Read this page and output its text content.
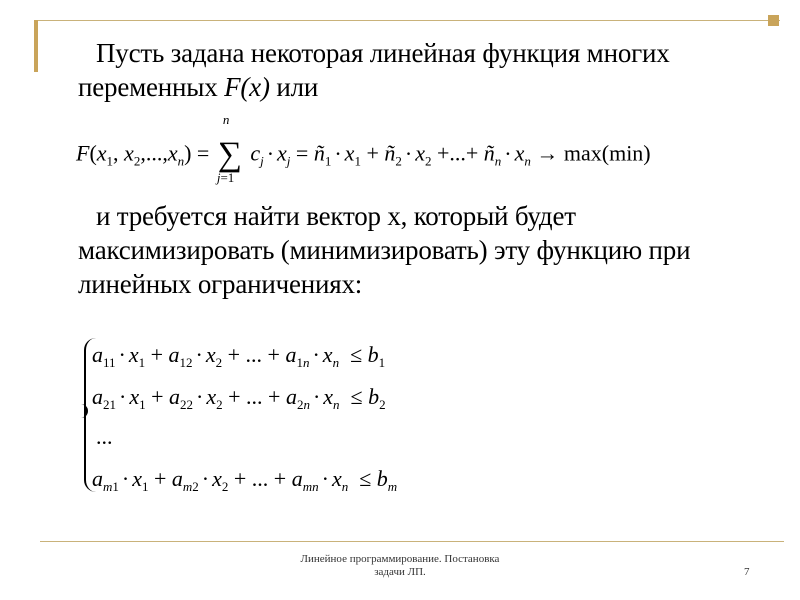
Пусть задана некоторая линейная функция многих
переменных F(x) или
$F(x_1$, $x_2,...,x_n$) =
n
∑
j=1
$c_j \cdot x_j$ = $ñ_1 \cdot x_1$ + $ñ_2 \cdot x_2$ +...+ $ñ_n \cdot x_n \to \max(\min)$
и требуется найти вектор х, который будет
максимизировать (минимизировать) эту функцию при
линейных ограничениях:
$a_{11} \cdot x_1 + a_{12} \cdot x_2$ + ... + $a_{1n} \cdot x_n \le b_1$
$a_{21} \cdot x_1 + a_{22} \cdot x_2$ + ... + $a_{2n} \cdot x_n \le b_2$
...
$a_{m1} \cdot x_1 + a_{m2} \cdot x_2$ + ... + $a_{mn} \cdot x_n \le b_m$
Линейное программирование. Постановка
задачи ЛП.	7
